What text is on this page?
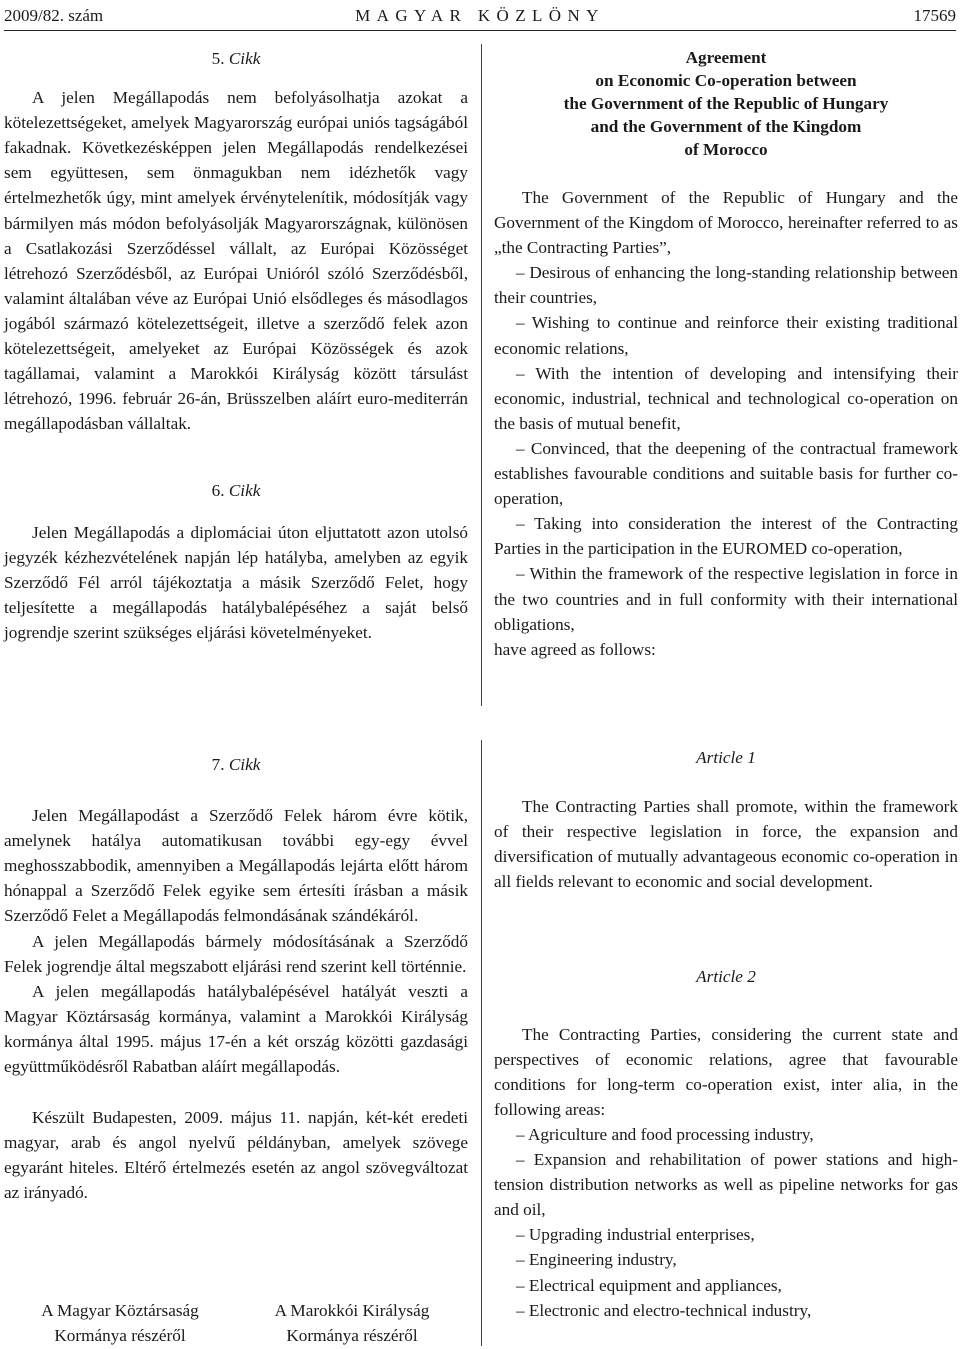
2009/82. szám	MAGYAR KÖZLÖNY	17569
5. Cikk

A jelen Megállapodás nem befolyásolhatja azokat a kötelezettségeket, amelyek Magyarország európai uniós tagságából fakadnak. Következésképpen jelen Megállapodás rendelkezései sem együttesen, sem önmagukban nem idézhetők vagy értelmezhetők úgy, mint amelyek érvénytelenítik, módosítják vagy bármilyen más módon befolyásolják Magyarországnak, különösen a Csatlakozási Szerződéssel vállalt, az Európai Közösséget létrehozó Szerződésből, az Európai Unióról szóló Szerződésből, valamint általában véve az Európai Unió elsődleges és másodlagos jogából származó kötelezettségeit, illetve a szerződő felek azon kötelezettségeit, amelyeket az Európai Közösségek és azok tagállamai, valamint a Marokkói Királyság között társulást létrehozó, 1996. február 26-án, Brüsszelben aláírt euro-mediterrán megállapodásban vállaltak.

6. Cikk

Jelen Megállapodás a diplomáciai úton eljuttatott azon utolsó jegyzék kézhezvételének napján lép hatályba, amelyben az egyik Szerződő Fél arról tájékoztatja a másik Szerződő Felet, hogy teljesítette a megállapodás hatálybalépéséhez a saját belső jogrendje szerint szükséges eljárási követelményeket.

7. Cikk

Jelen Megállapodást a Szerződő Felek három évre kötik, amelynek hatálya automatikusan további egy-egy évvel meghosszabbodik, amennyiben a Megállapodás lejárta előtt három hónappal a Szerződő Felek egyike sem értesíti írásban a másik Szerződő Felet a Megállapodás felmondásának szándékáról.

A jelen Megállapodás bármely módosításának a Szerződő Felek jogrendje által megszabott eljárási rend szerint kell történnie.

A jelen megállapodás hatálybalépésével hatályát veszti a Magyar Köztársaság kormánya, valamint a Marokkói Királyság kormánya által 1995. május 17-én a két ország közötti gazdasági együttműködésről Rabatban aláírt megállapodás.

Készült Budapesten, 2009. május 11. napján, két-két eredeti magyar, arab és angol nyelvű példányban, amelyek szövege egyaránt hiteles. Eltérő értelmezés esetén az angol szövegváltozat az irányadó.

A Magyar Köztársaság
Kormánya részéről
A Marokkói Királyság
Kormánya részéről
Agreement
on Economic Co-operation between
the Government of the Republic of Hungary
and the Government of the Kingdom
of Morocco

The Government of the Republic of Hungary and the Government of the Kingdom of Morocco, hereinafter referred to as „the Contracting Parties”,

– Desirous of enhancing the long-standing relationship between their countries,

– Wishing to continue and reinforce their existing traditional economic relations,

– With the intention of developing and intensifying their economic, industrial, technical and technological co-operation on the basis of mutual benefit,

– Convinced, that the deepening of the contractual framework establishes favourable conditions and suitable basis for further co-operation,

– Taking into consideration the interest of the Contracting Parties in the participation in the EUROMED co-operation,

– Within the framework of the respective legislation in force in the two countries and in full conformity with their international obligations,

have agreed as follows:

Article 1

The Contracting Parties shall promote, within the framework of their respective legislation in force, the expansion and diversification of mutually advantageous economic co-operation in all fields relevant to economic and social development.

Article 2

The Contracting Parties, considering the current state and perspectives of economic relations, agree that favourable conditions for long-term co-operation exist, inter alia, in the following areas:

– Agriculture and food processing industry,

– Expansion and rehabilitation of power stations and high-tension distribution networks as well as pipeline networks for gas and oil,

– Upgrading industrial enterprises,

– Engineering industry,

– Electrical equipment and appliances,

– Electronic and electro-technical industry,
